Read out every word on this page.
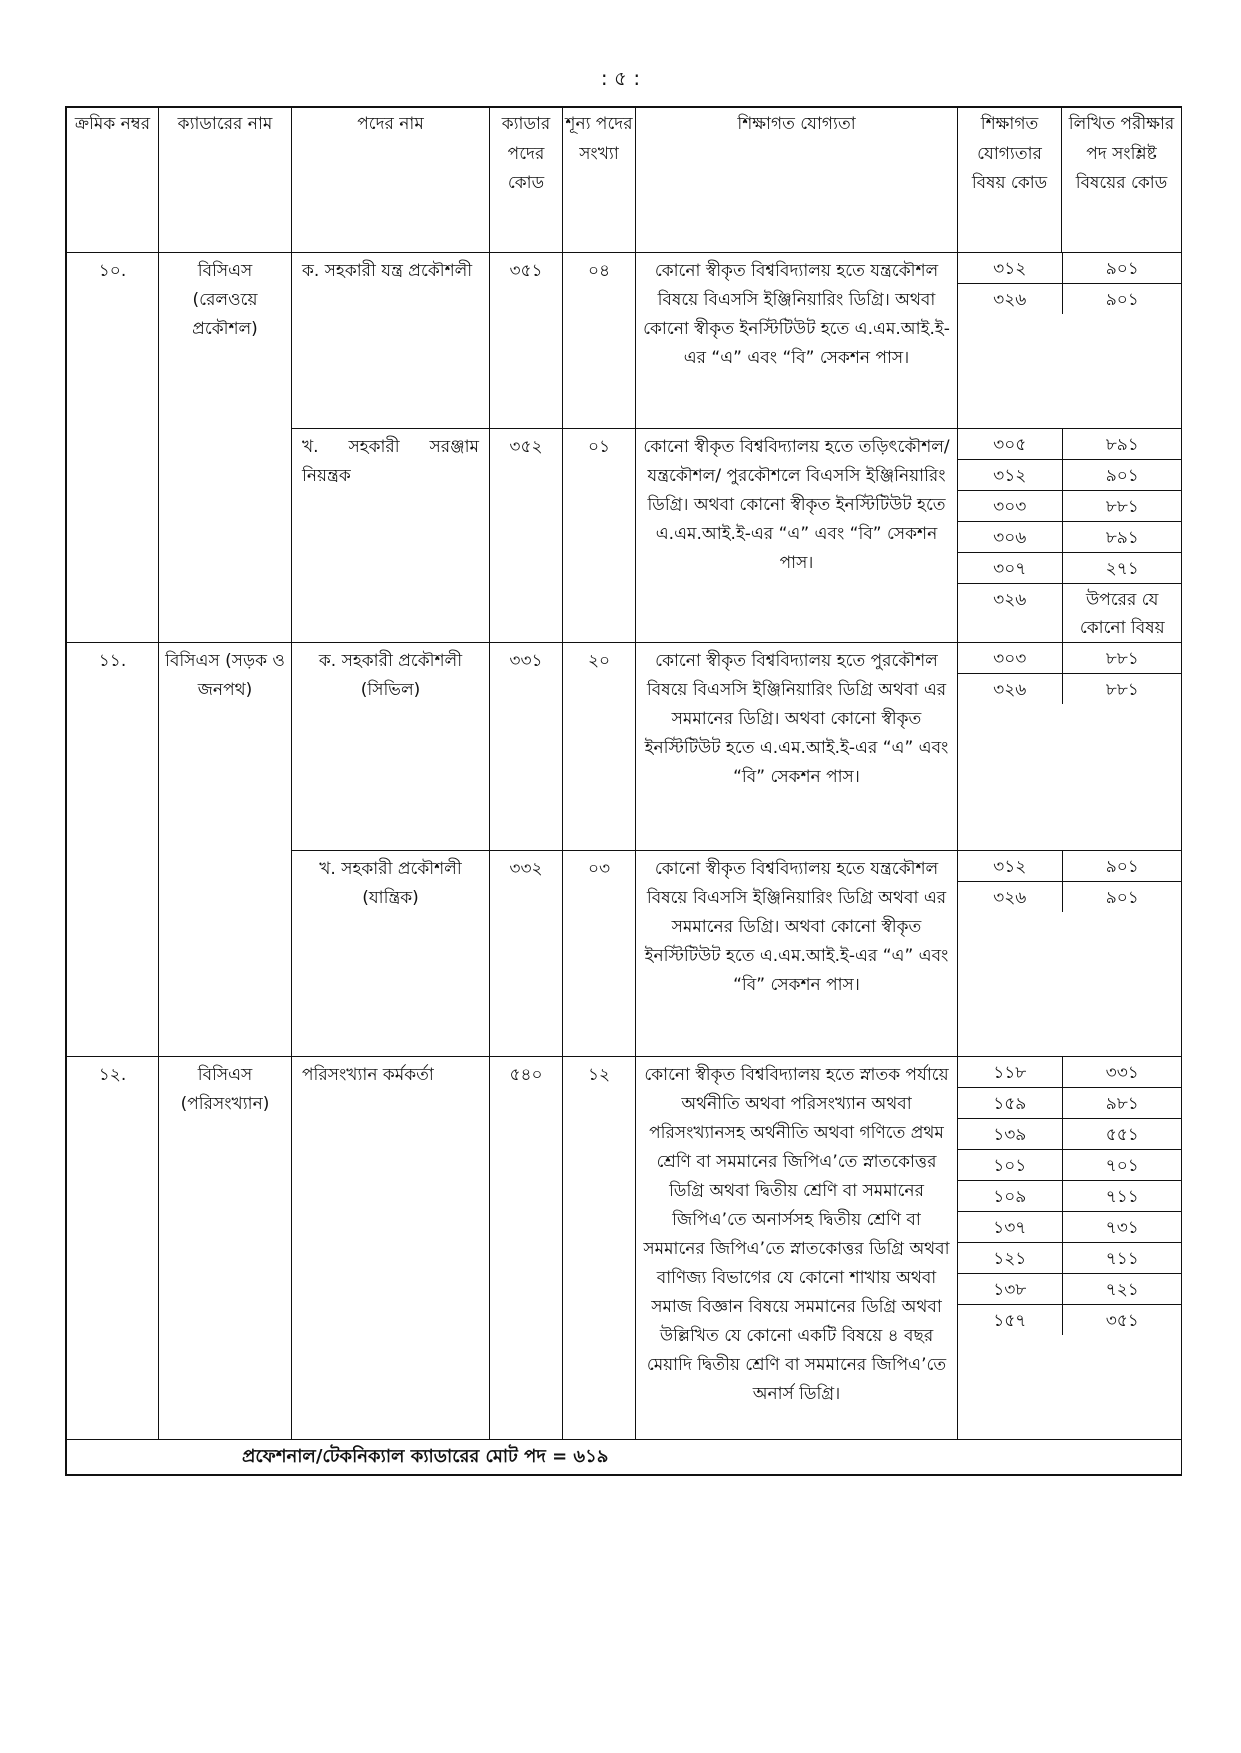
: ৫ :
ক্রমিক নম্বর	ক্যাডারের নাম	পদের নাম	ক্যাডার পদের কোড	শূন্য পদের সংখ্যা	শিক্ষাগত যোগ্যতা	শিক্ষাগত যোগ্যতার বিষয় কোড	লিখিত পরীক্ষার পদ সংশ্লিষ্ট বিষয়ের কোড
১০.	বিসিএস (রেলওয়ে প্রকৌশল)	ক. সহকারী যন্ত্র প্রকৌশলী	৩৫১	০৪	কোনো স্বীকৃত বিশ্ববিদ্যালয় হতে যন্ত্রকৌশল বিষয়ে বিএসসি ইঞ্জিনিয়ারিং ডিগ্রি। অথবা কোনো স্বীকৃত ইনস্টিটিউট হতে এ.এম.আই.ই-এর “এ” এবং “বি” সেকশন পাস।	
৩১২	৯০১
৩২৬	৯০১

খ. সহকারী সরঞ্জাম নিয়ন্ত্রক	৩৫২	০১	কোনো স্বীকৃত বিশ্ববিদ্যালয় হতে তড়িৎকৌশল/যন্ত্রকৌশল/ পুরকৌশলে বিএসসি ইঞ্জিনিয়ারিং ডিগ্রি। অথবা কোনো স্বীকৃত ইনস্টিটিউট হতে এ.এম.আই.ই-এর “এ” এবং “বি” সেকশন পাস।	
৩০৫	৮৯১
৩১২	৯০১
৩০৩	৮৮১
৩০৬	৮৯১
৩০৭	২৭১
৩২৬	উপরের যে কোনো বিষয়

১১.	বিসিএস (সড়ক ও জনপথ)	ক. সহকারী প্রকৌশলী (সিভিল)	৩৩১	২০	কোনো স্বীকৃত বিশ্ববিদ্যালয় হতে পুরকৌশল বিষয়ে বিএসসি ইঞ্জিনিয়ারিং ডিগ্রি অথবা এর সমমানের ডিগ্রি। অথবা কোনো স্বীকৃত ইনস্টিটিউট হতে এ.এম.আই.ই-এর “এ” এবং “বি” সেকশন পাস।	
৩০৩	৮৮১
৩২৬	৮৮১

খ. সহকারী প্রকৌশলী (যান্ত্রিক)	৩৩২	০৩	কোনো স্বীকৃত বিশ্ববিদ্যালয় হতে যন্ত্রকৌশল বিষয়ে বিএসসি ইঞ্জিনিয়ারিং ডিগ্রি অথবা এর সমমানের ডিগ্রি। অথবা কোনো স্বীকৃত ইনস্টিটিউট হতে এ.এম.আই.ই-এর “এ” এবং “বি” সেকশন পাস।	
৩১২	৯০১
৩২৬	৯০১

১২.	বিসিএস (পরিসংখ্যান)	পরিসংখ্যান কর্মকর্তা	৫৪০	১২	কোনো স্বীকৃত বিশ্ববিদ্যালয় হতে স্নাতক পর্যায়ে অর্থনীতি অথবা পরিসংখ্যান অথবা পরিসংখ্যানসহ অর্থনীতি অথবা গণিতে প্রথম শ্রেণি বা সমমানের জিপিএ’তে স্নাতকোত্তর ডিগ্রি অথবা দ্বিতীয় শ্রেণি বা সমমানের জিপিএ’তে অনার্সসহ দ্বিতীয় শ্রেণি বা সমমানের জিপিএ’তে স্নাতকোত্তর ডিগ্রি অথবা বাণিজ্য বিভাগের যে কোনো শাখায় অথবা সমাজ বিজ্ঞান বিষয়ে সমমানের ডিগ্রি অথবা উল্লিখিত যে কোনো একটি বিষয়ে ৪ বছর মেয়াদি দ্বিতীয় শ্রেণি বা সমমানের জিপিএ’তে অনার্স ডিগ্রি।	
১১৮	৩৩১
১৫৯	৯৮১
১৩৯	৫৫১
১০১	৭০১
১০৯	৭১১
১৩৭	৭৩১
১২১	৭১১
১৩৮	৭২১
১৫৭	৩৫১

প্রফেশনাল/টেকনিক্যাল ক্যাডারের মোট পদ = ৬১৯
